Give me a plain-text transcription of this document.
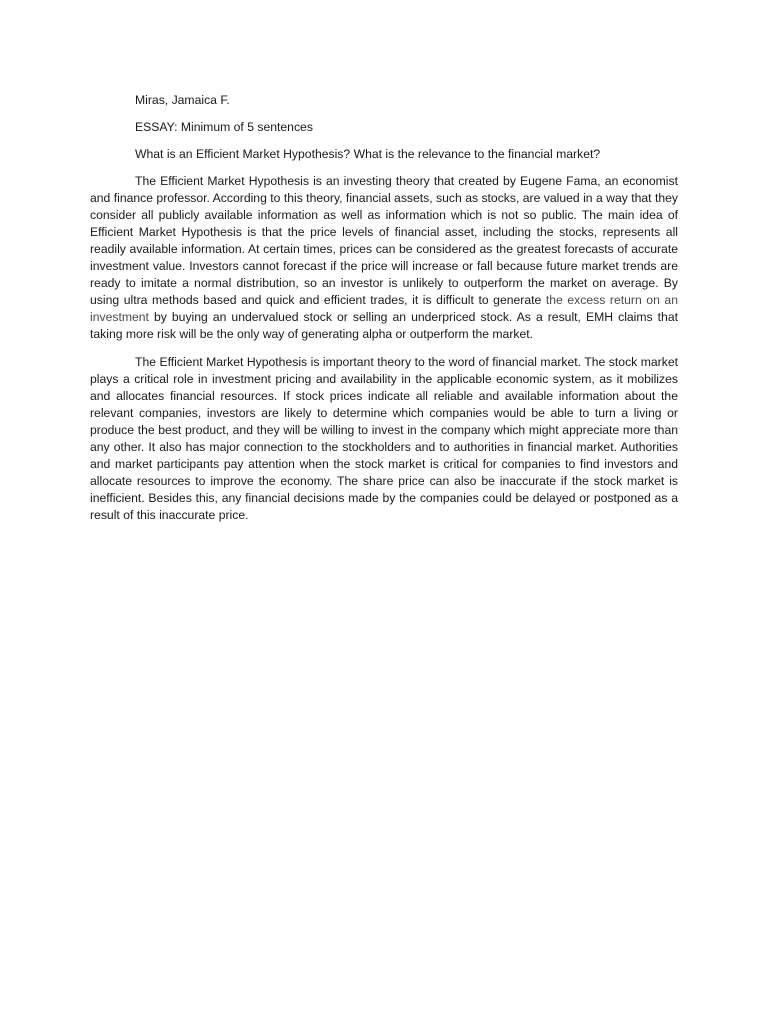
Miras, Jamaica F.

ESSAY: Minimum of 5 sentences

What is an Efficient Market Hypothesis? What is the relevance to the financial market?

The Efficient Market Hypothesis is an investing theory that created by Eugene Fama, an economist and finance professor. According to this theory, financial assets, such as stocks, are valued in a way that they consider all publicly available information as well as information which is not so public. The main idea of Efficient Market Hypothesis is that the price levels of financial asset, including the stocks, represents all readily available information. At certain times, prices can be considered as the greatest forecasts of accurate investment value. Investors cannot forecast if the price will increase or fall because future market trends are ready to imitate a normal distribution, so an investor is unlikely to outperform the market on average. By using ultra methods based and quick and efficient trades, it is difficult to generate the excess return on an investment by buying an undervalued stock or selling an underpriced stock. As a result, EMH claims that taking more risk will be the only way of generating alpha or outperform the market.

The Efficient Market Hypothesis is important theory to the word of financial market. The stock market plays a critical role in investment pricing and availability in the applicable economic system, as it mobilizes and allocates financial resources. If stock prices indicate all reliable and available information about the relevant companies, investors are likely to determine which companies would be able to turn a living or produce the best product, and they will be willing to invest in the company which might appreciate more than any other. It also has major connection to the stockholders and to authorities in financial market. Authorities and market participants pay attention when the stock market is critical for companies to find investors and allocate resources to improve the economy. The share price can also be inaccurate if the stock market is inefficient. Besides this, any financial decisions made by the companies could be delayed or postponed as a result of this inaccurate price.
